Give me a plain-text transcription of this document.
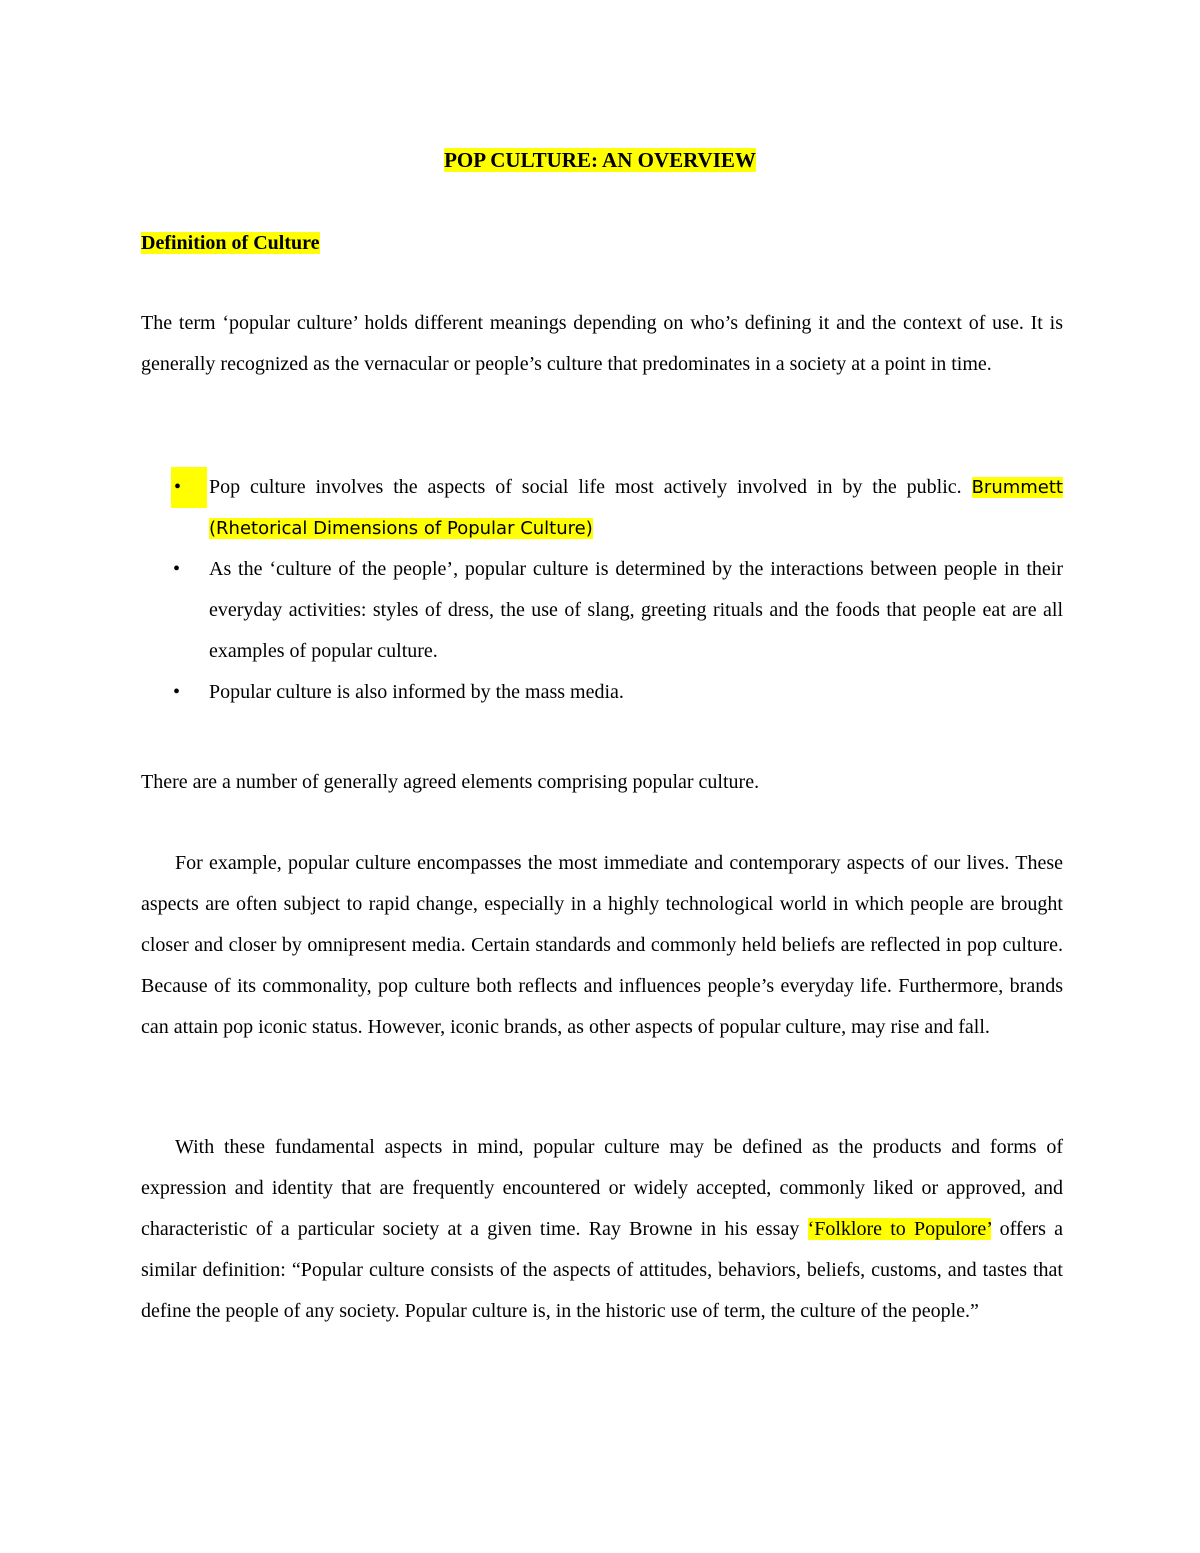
POP CULTURE: AN OVERVIEW
Definition of Culture

The term ‘popular culture’ holds different meanings depending on who’s defining it and the context of use. It is generally recognized as the vernacular or people’s culture that predominates in a society at a point in time.

•	Pop culture involves the aspects of social life most actively involved in by the public. Brummett (Rhetorical Dimensions of Popular Culture)
•	As the ‘culture of the people’, popular culture is determined by the interactions between people in their everyday activities: styles of dress, the use of slang, greeting rituals and the foods that people eat are all examples of popular culture.
•	Popular culture is also informed by the mass media.

There are a number of generally agreed elements comprising popular culture.

For example, popular culture encompasses the most immediate and contemporary aspects of our lives. These aspects are often subject to rapid change, especially in a highly technological world in which people are brought closer and closer by omnipresent media. Certain standards and commonly held beliefs are reflected in pop culture. Because of its commonality, pop culture both reflects and influences people’s everyday life. Furthermore, brands can attain pop iconic status. However, iconic brands, as other aspects of popular culture, may rise and fall.

With these fundamental aspects in mind, popular culture may be defined as the products and forms of expression and identity that are frequently encountered or widely accepted, commonly liked or approved, and characteristic of a particular society at a given time. Ray Browne in his essay ‘Folklore to Populore’ offers a similar definition: “Popular culture consists of the aspects of attitudes, behaviors, beliefs, customs, and tastes that define the people of any society. Popular culture is, in the historic use of term, the culture of the people.”
